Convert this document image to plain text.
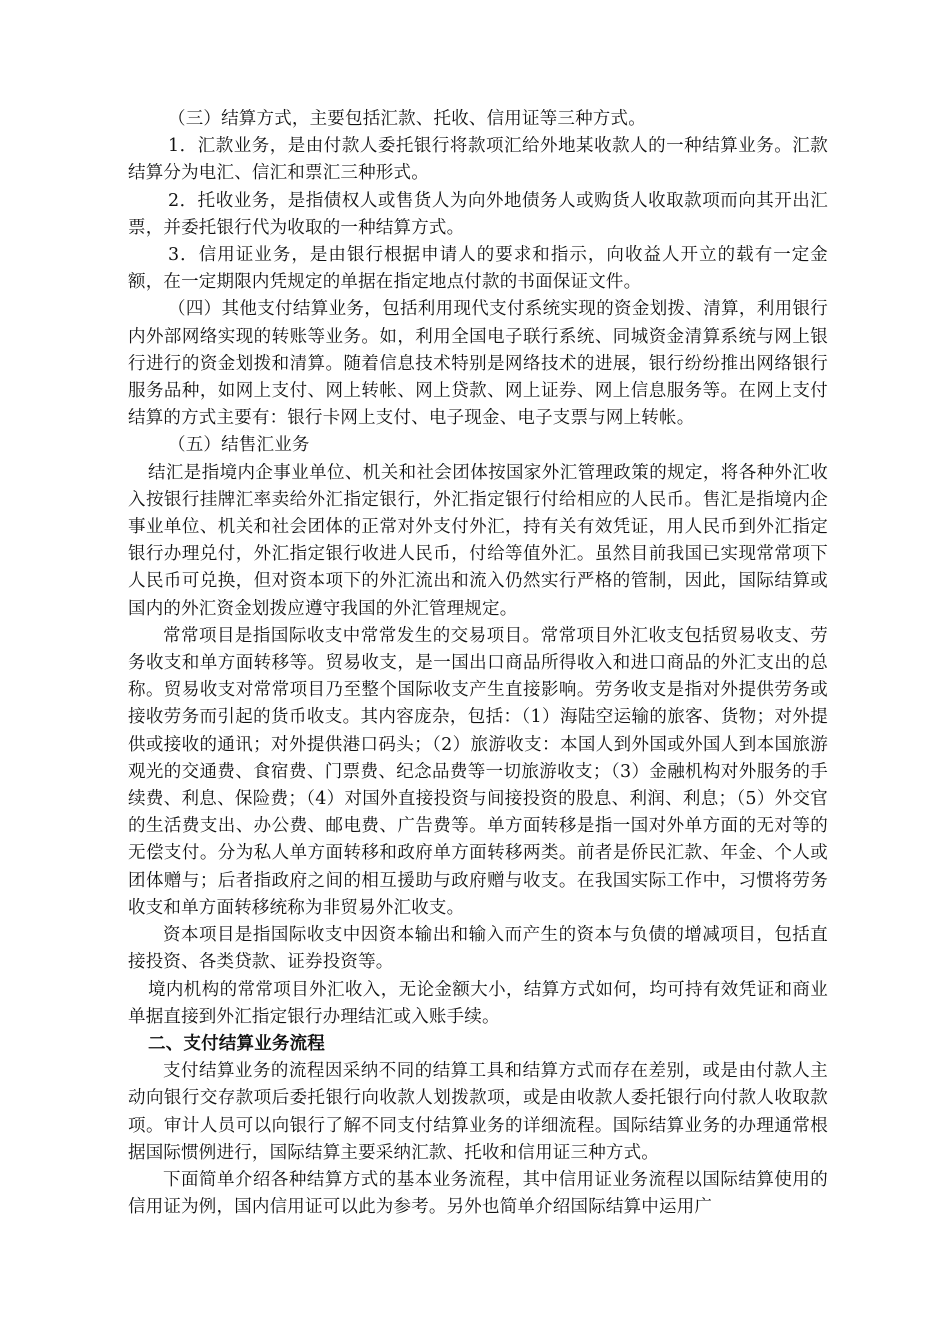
（三）结算方式，主要包括汇款、托收、信用证等三种方式。

1．汇款业务，是由付款人委托银行将款项汇给外地某收款人的一种结算业务。汇款结算分为电汇、信汇和票汇三种形式。

2．托收业务，是指债权人或售货人为向外地债务人或购货人收取款项而向其开出汇票，并委托银行代为收取的一种结算方式。

3．信用证业务，是由银行根据申请人的要求和指示，向收益人开立的载有一定金额，在一定期限内凭规定的单据在指定地点付款的书面保证文件。

（四）其他支付结算业务，包括利用现代支付系统实现的资金划拨、清算，利用银行内外部网络实现的转账等业务。如，利用全国电子联行系统、同城资金清算系统与网上银行进行的资金划拨和清算。随着信息技术特别是网络技术的进展，银行纷纷推出网络银行服务品种，如网上支付、网上转帐、网上贷款、网上证券、网上信息服务等。在网上支付结算的方式主要有：银行卡网上支付、电子现金、电子支票与网上转帐。

（五）结售汇业务

结汇是指境内企事业单位、机关和社会团体按国家外汇管理政策的规定，将各种外汇收入按银行挂牌汇率卖给外汇指定银行，外汇指定银行付给相应的人民币。售汇是指境内企事业单位、机关和社会团体的正常对外支付外汇，持有关有效凭证，用人民币到外汇指定银行办理兑付，外汇指定银行收进人民币，付给等值外汇。虽然目前我国已实现常常项下人民币可兑换，但对资本项下的外汇流出和流入仍然实行严格的管制，因此，国际结算或国内的外汇资金划拨应遵守我国的外汇管理规定。

常常项目是指国际收支中常常发生的交易项目。常常项目外汇收支包括贸易收支、劳务收支和单方面转移等。贸易收支，是一国出口商品所得收入和进口商品的外汇支出的总称。贸易收支对常常项目乃至整个国际收支产生直接影响。劳务收支是指对外提供劳务或接收劳务而引起的货币收支。其内容庞杂，包括：（1）海陆空运输的旅客、货物；对外提供或接收的通讯；对外提供港口码头；（2）旅游收支：本国人到外国或外国人到本国旅游观光的交通费、食宿费、门票费、纪念品费等一切旅游收支；（3）金融机构对外服务的手续费、利息、保险费；（4）对国外直接投资与间接投资的股息、利润、利息；（5）外交官的生活费支出、办公费、邮电费、广告费等。单方面转移是指一国对外单方面的无对等的无偿支付。分为私人单方面转移和政府单方面转移两类。前者是侨民汇款、年金、个人或团体赠与；后者指政府之间的相互援助与政府赠与收支。在我国实际工作中，习惯将劳务收支和单方面转移统称为非贸易外汇收支。

资本项目是指国际收支中因资本输出和输入而产生的资本与负债的增减项目，包括直接投资、各类贷款、证券投资等。

境内机构的常常项目外汇收入，无论金额大小，结算方式如何，均可持有效凭证和商业单据直接到外汇指定银行办理结汇或入账手续。

二、支付结算业务流程

支付结算业务的流程因采纳不同的结算工具和结算方式而存在差别，或是由付款人主动向银行交存款项后委托银行向收款人划拨款项，或是由收款人委托银行向付款人收取款项。审计人员可以向银行了解不同支付结算业务的详细流程。国际结算业务的办理通常根据国际惯例进行，国际结算主要采纳汇款、托收和信用证三种方式。

下面简单介绍各种结算方式的基本业务流程，其中信用证业务流程以国际结算使用的信用证为例，国内信用证可以此为参考。另外也简单介绍国际结算中运用广
